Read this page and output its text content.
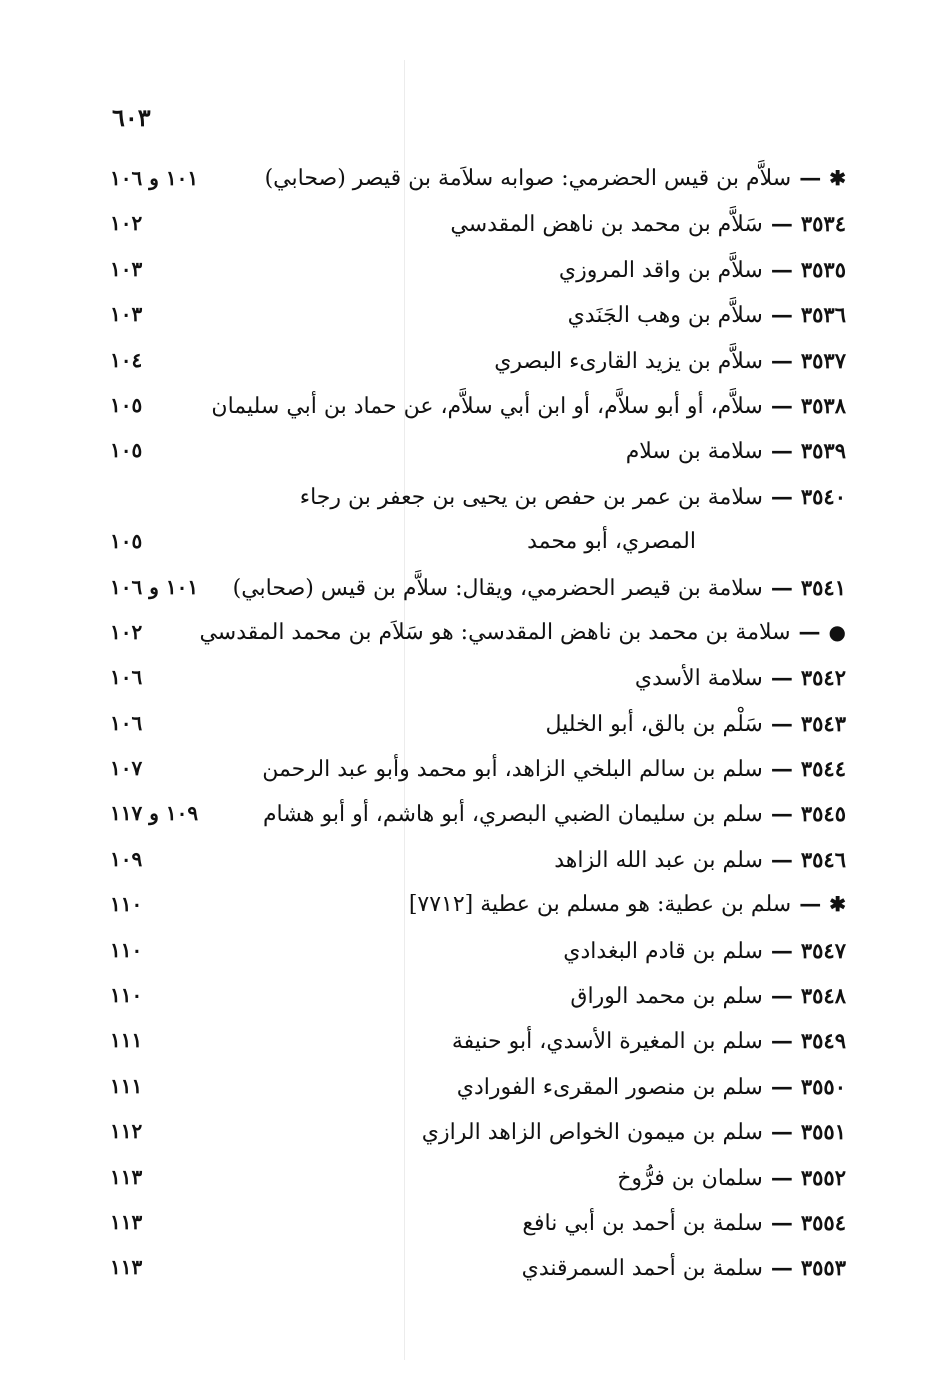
٦٠٣
✱—سلاَّم بن قيس الحضرمي: صوابه سلاَمة بن قيصر (صحابي)
١٠١ و ١٠٦
٣٥٣٤—سَلاَّم بن محمد بن ناهض المقدسي
١٠٢
٣٥٣٥—سلاَّم بن واقد المروزي
١٠٣
٣٥٣٦—سلاَّم بن وهب الجَنَدي
١٠٣
٣٥٣٧—سلاَّم بن يزيد القارىء البصري
١٠٤
٣٥٣٨—سلاَّم، أو أبو سلاَّم، أو ابن أبي سلاَّم، عن حماد بن أبي سليمان
١٠٥
٣٥٣٩—سلامة بن سلام
١٠٥
٣٥٤٠—سلامة بن عمر بن حفص بن يحيى بن جعفر بن رجاء
المصري، أبو محمد
١٠٥
٣٥٤١—سلامة بن قيصر الحضرمي، ويقال: سلاَّم بن قيس (صحابي)
١٠١ و ١٠٦
●—سلامة بن محمد بن ناهض المقدسي: هو سَلاَم بن محمد المقدسي
١٠٢
٣٥٤٢—سلامة الأسدي
١٠٦
٣٥٤٣—سَلْم بن بالق، أبو الخليل
١٠٦
٣٥٤٤—سلم بن سالم البلخي الزاهد، أبو محمد وأبو عبد الرحمن
١٠٧
٣٥٤٥—سلم بن سليمان الضبي البصري، أبو هاشم، أو أبو هشام
١٠٩ و ١١٧
٣٥٤٦—سلم بن عبد الله الزاهد
١٠٩
✱—سلم بن عطية: هو مسلم بن عطية [٧٧١٢]
١١٠
٣٥٤٧—سلم بن قادم البغدادي
١١٠
٣٥٤٨—سلم بن محمد الوراق
١١٠
٣٥٤٩—سلم بن المغيرة الأسدي، أبو حنيفة
١١١
٣٥٥٠—سلم بن منصور المقرىء الفورادي
١١١
٣٥٥١—سلم بن ميمون الخواص الزاهد الرازي
١١٢
٣٥٥٢—سلمان بن فرُّوخ
١١٣
٣٥٥٤—سلمة بن أحمد بن أبي نافع
١١٣
٣٥٥٣—سلمة بن أحمد السمرقندي
١١٣
